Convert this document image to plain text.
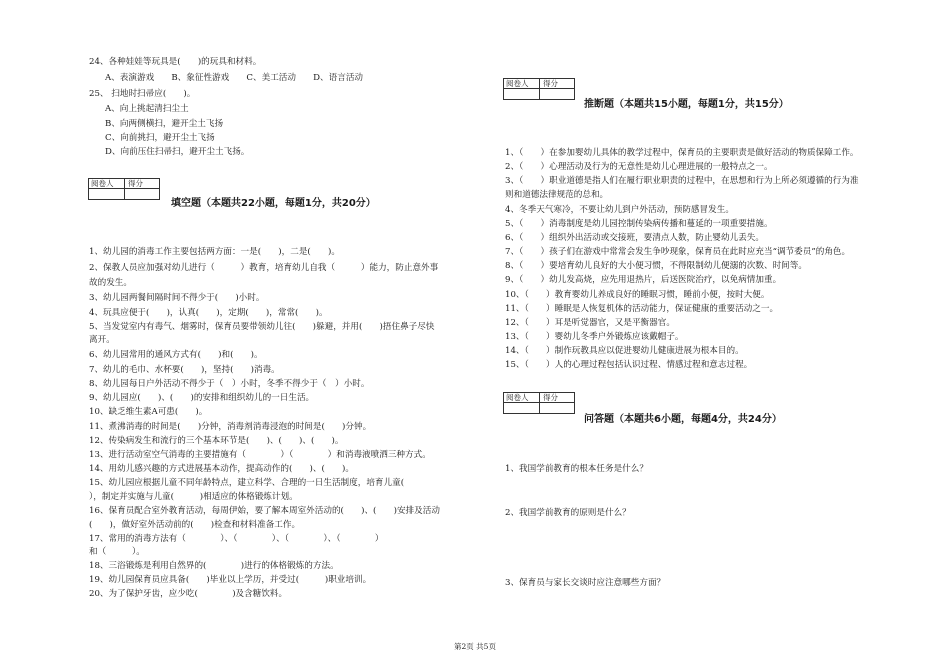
24、各种娃娃等玩具是(　　)的玩具和材料。
A、表演游戏　　B、象征性游戏　　C、美工活动　　D、语言活动
25、 扫地时扫帚应(　　)。
A、向上挑起清扫尘土
B、向两侧横扫，避开尘土飞扬
C、向前挑扫，避开尘土飞扬
D、向前压住扫帚扫，避开尘土飞扬。
阅卷人 得分
填空题（本题共22小题，每题1分，共20分）
1、幼儿园的消毒工作主要包括两方面：一是(　　)，二是(　　)。
2、保教人员应加强对幼儿进行（　　　）教育，培育幼儿自我（　　　）能力，防止意外事
故的发生。
3、幼儿园两餐间隔时间不得少于(　　)小时。
4、玩具应便于(　　)，认真(　　)，定期(　　)，常常(　　)。
5、当发觉室内有毒气、烟雾时，保育员要带领幼儿往(　　)躲避，并用(　　)捂住鼻子尽快
离开。
6、幼儿园常用的通风方式有(　　)和(　　)。
7、幼儿的毛巾、水杯要(　　)，坚持(　　)消毒。
8、幼儿园每日户外活动不得少于（　）小时，冬季不得少于（　）小时。
9、幼儿园应(　　)、(　　)的安排和组织幼儿的一日生活。
10、缺乏维生素A可患(　　)。
11、煮沸消毒的时间是(　　)分钟，消毒剂消毒浸泡的时间是(　　)分钟。
12、传染病发生和流行的三个基本环节是(　　)、(　　)、(　　)。
13、进行活动室空气消毒的主要措施有（　　　　）（　　　　）和消毒液喷洒三种方式。
14、用幼儿感兴趣的方式进展基本动作，提高动作的(　　)、(　　)。
15、幼儿园应根据儿童不同年龄特点，建立科学、合理的一日生活制度，培育儿童(　　　
），制定并实施与儿童(　　　)相适应的体格锻炼计划。
16、保育员配合室外教育活动，每周伊始，要了解本周室外活动的(　　)、(　　)安排及活动
(　　)，做好室外活动前的(　　)检查和材料准备工作。
17、常用的消毒方法有（　　　　）、（　　　　）、（　　　　）、（　　　　）
和（　　　）。
18、三浴锻炼是利用自然界的(　　　　)进行的体格锻炼的方法。
19、幼儿园保育员应具备(　　)毕业以上学历，并受过(　　　)职业培训。
20、为了保护牙齿，应少吃(　　　　)及含糖饮料。
阅卷人 得分
推断题（本题共15小题，每题1分，共15分）
1、（　　）在参加婴幼儿具体的教学过程中，保育员的主要职责是做好活动的物质保障工作。
2、（　　）心理活动及行为的无意性是幼儿心理进展的一般特点之一。
3、（　　）职业道德是指人们在履行职业职责的过程中，在思想和行为上所必须遵循的行为准
则和道德法律规范的总和。
4、冬季天气寒冷，不要让幼儿到户外活动，预防感冒发生。
5、（　　）消毒制度是幼儿园控制传染病传播和蔓延的一项重要措施。
6、（　　）组织外出活动或交接班，要清点人数，防止婴幼儿丢失。
7、（　　）孩子们在游戏中常常会发生争吵现象，保育员在此时应充当“调节委员”的角色。
8、（　　）要培育幼儿良好的大小便习惯，不得限制幼儿便溺的次数、时间等。
9、（　　）幼儿发高烧，应先用退热片，后送医院治疗，以免病情加重。
10、（　　）教育婴幼儿养成良好的睡眠习惯，睡前小便，按时大便。
11、（　　）睡眠是人恢复机体的活动能力，保证健康的重要活动之一。
12、（　　）耳是听觉器官，又是平衡器官。
13、（　　）婴幼儿冬季户外锻炼应该戴帽子。
14、（　　）制作玩教具应以促进婴幼儿健康进展为根本目的。
15、（　　）人的心理过程包括认识过程、情感过程和意志过程。
阅卷人 得分
问答题（本题共6小题，每题4分，共24分）
1、我国学前教育的根本任务是什么？
2、我国学前教育的原则是什么？
3、保育员与家长交谈时应注意哪些方面？
第2页 共5页
